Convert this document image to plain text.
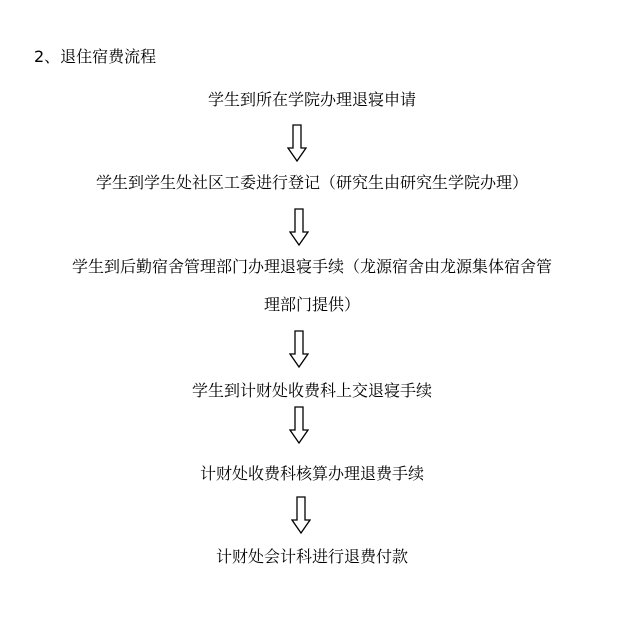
2、退住宿费流程
学生到所在学院办理退寝申请
学生到学生处社区工委进行登记（研究生由研究生学院办理）
学生到后勤宿舍管理部门办理退寝手续（龙源宿舍由龙源集体宿舍管
理部门提供）
学生到计财处收费科上交退寝手续
计财处收费科核算办理退费手续
计财处会计科进行退费付款
